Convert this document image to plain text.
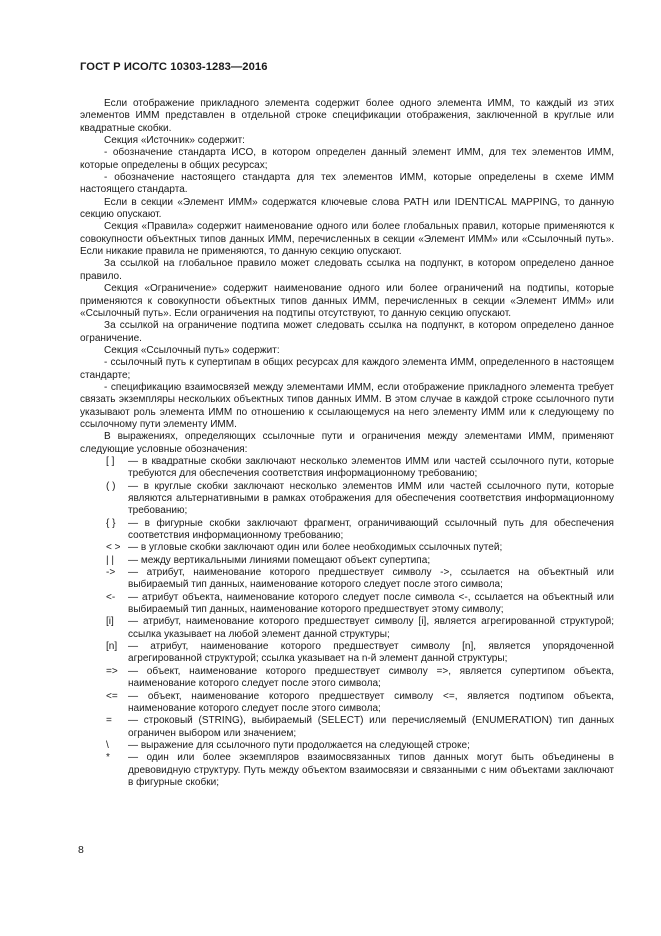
ГОСТ Р ИСО/ТС 10303-1283—2016

Если отображение прикладного элемента содержит более одного элемента ИММ, то каждый из этих элементов ИММ представлен в отдельной строке спецификации отображения, заключенной в круглые или квадратные скобки.

Секция «Источник» содержит:

- обозначение стандарта ИСО, в котором определен данный элемент ИММ, для тех элементов ИММ, которые определены в общих ресурсах;

- обозначение настоящего стандарта для тех элементов ИММ, которые определены в схеме ИММ настоящего стандарта.

Если в секции «Элемент ИММ» содержатся ключевые слова PATH или IDENTICAL MAPPING, то данную секцию опускают.

Секция «Правила» содержит наименование одного или более глобальных правил, которые применяются к совокупности объектных типов данных ИММ, перечисленных в секции «Элемент ИММ» или «Ссылочный путь». Если никакие правила не применяются, то данную секцию опускают.

За ссылкой на глобальное правило может следовать ссылка на подпункт, в котором определено данное правило.

Секция «Ограничение» содержит наименование одного или более ограничений на подтипы, которые применяются к совокупности объектных типов данных ИММ, перечисленных в секции «Элемент ИММ» или «Ссылочный путь». Если ограничения на подтипы отсутствуют, то данную секцию опускают.

За ссылкой на ограничение подтипа может следовать ссылка на подпункт, в котором определено данное ограничение.

Секция «Ссылочный путь» содержит:

- ссылочный путь к супертипам в общих ресурсах для каждого элемента ИММ, определенного в настоящем стандарте;

- спецификацию взаимосвязей между элементами ИММ, если отображение прикладного элемента требует связать экземпляры нескольких объектных типов данных ИММ. В этом случае в каждой строке ссылочного пути указывают роль элемента ИММ по отношению к ссылающемуся на него элементу ИММ или к следующему по ссылочному пути элементу ИММ.

В выражениях, определяющих ссылочные пути и ограничения между элементами ИММ, применяют следующие условные обозначения:

[ ]	— в квадратные скобки заключают несколько элементов ИММ или частей ссылочного пути, которые требуются для обеспечения соответствия информационному требованию;
( )	— в круглые скобки заключают несколько элементов ИММ или частей ссылочного пути, которые являются альтернативными в рамках отображения для обеспечения соответствия информационному требованию;
{ }	— в фигурные скобки заключают фрагмент, ограничивающий ссылочный путь для обеспечения соответствия информационному требованию;
< > — в угловые скобки заключают один или более необходимых ссылочных путей;
| |	— между вертикальными линиями помещают объект супертипа;
->	— атрибут, наименование которого предшествует символу ->, ссылается на объектный или выбираемый тип данных, наименование которого следует после этого символа;
<-	— атрибут объекта, наименование которого следует после символа <-, ссылается на объектный или выбираемый тип данных, наименование которого предшествует этому символу;
[i]	— атрибут, наименование которого предшествует символу [i], является агрегированной структурой; ссылка указывает на любой элемент данной структуры;
[n]	— атрибут, наименование которого предшествует символу [n], является упорядоченной агрегированной структурой; ссылка указывает на n-й элемент данной структуры;
=>	— объект, наименование которого предшествует символу =>, является супертипом объекта, наименование которого следует после этого символа;
<=	— объект, наименование которого предшествует символу <=, является подтипом объекта, наименование которого следует после этого символа;
=	— строковый (STRING), выбираемый (SELECT) или перечисляемый (ENUMERATION) тип данных ограничен выбором или значением;
\	— выражение для ссылочного пути продолжается на следующей строке;
*	— один или более экземпляров взаимосвязанных типов данных могут быть объединены в древовидную структуру. Путь между объектом взаимосвязи и связанными с ним объектами заключают в фигурные скобки;
8
